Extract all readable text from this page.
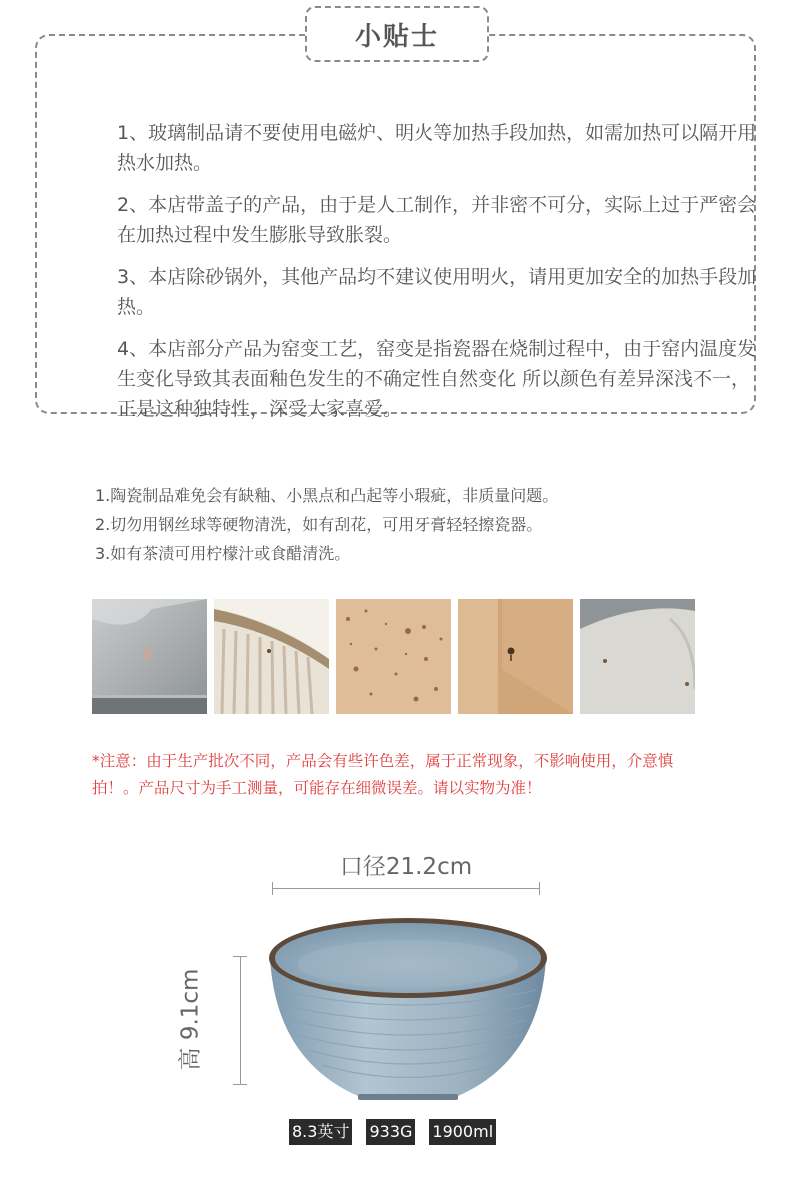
1、玻璃制品请不要使用电磁炉、明火等加热手段加热，如需加热可以隔开用热水加热。
2、本店带盖子的产品，由于是人工制作，并非密不可分，实际上过于严密会在加热过程中发生膨胀导致胀裂。
3、本店除砂锅外，其他产品均不建议使用明火，请用更加安全的加热手段加热。
4、本店部分产品为窑变工艺，窑变是指瓷器在烧制过程中，由于窑内温度发生变化导致其表面釉色发生的不确定性自然变化 所以颜色有差异深浅不一，正是这种独特性，深受大家喜爱。
小贴士
1.陶瓷制品难免会有缺釉、小黑点和凸起等小瑕疵，非质量问题。
2.切勿用钢丝球等硬物清洗，如有刮花，可用牙膏轻轻擦瓷器。
3.如有茶渍可用柠檬汁或食醋清洗。
*注意：由于生产批次不同，产品会有些许色差，属于正常现象，不影响使用，介意慎拍！。产品尺寸为手工测量，可能存在细微误差。请以实物为准！
口径21.2cm
高 9.1cm
8.3英寸 933G 1900ml
